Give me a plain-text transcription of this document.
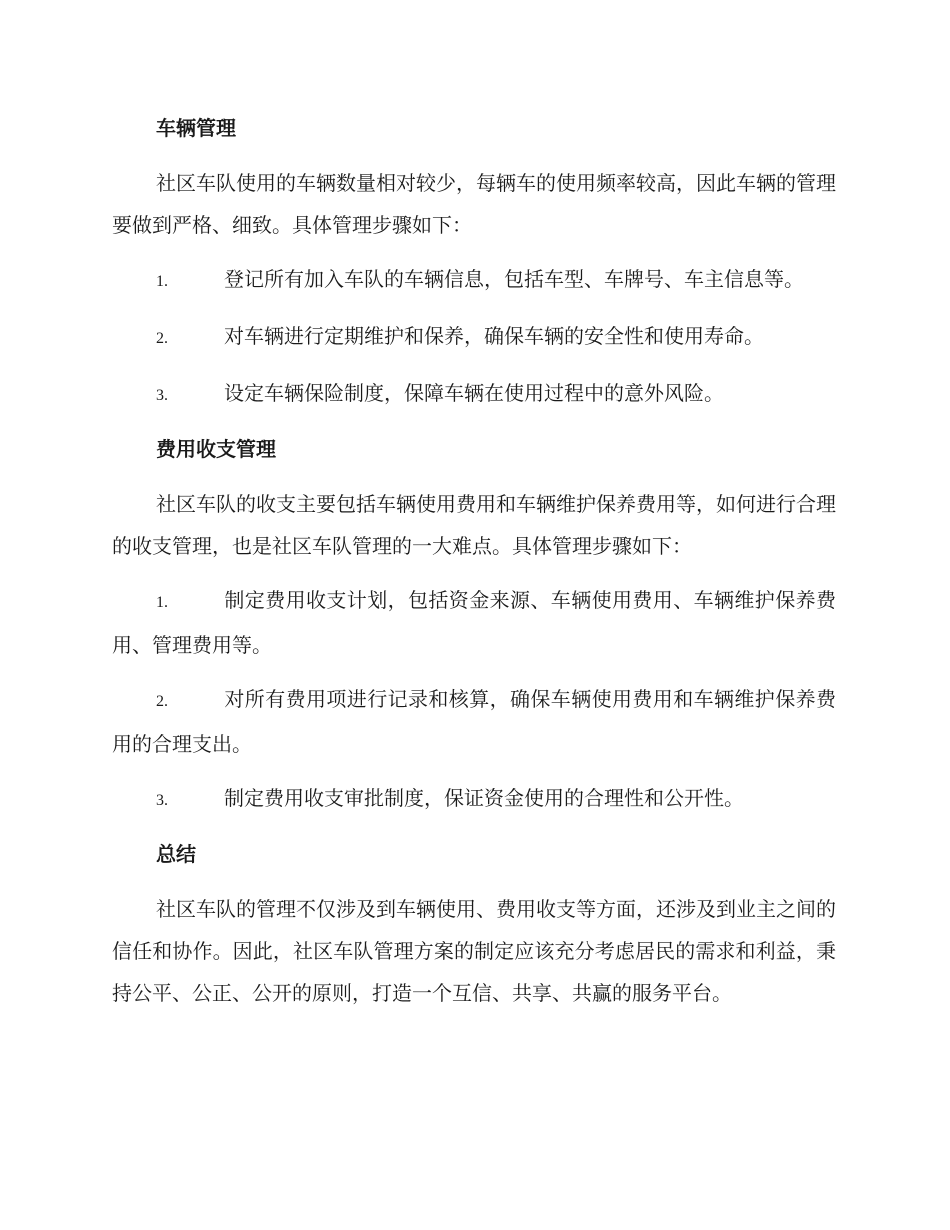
车辆管理

社区车队使用的车辆数量相对较少，每辆车的使用频率较高，因此车辆的管理要做到严格、细致。具体管理步骤如下：

1.	登记所有加入车队的车辆信息，包括车型、车牌号、车主信息等。

2.	对车辆进行定期维护和保养，确保车辆的安全性和使用寿命。

3.	设定车辆保险制度，保障车辆在使用过程中的意外风险。

费用收支管理

社区车队的收支主要包括车辆使用费用和车辆维护保养费用等，如何进行合理的收支管理，也是社区车队管理的一大难点。具体管理步骤如下：

1.	制定费用收支计划，包括资金来源、车辆使用费用、车辆维护保养费用、管理费用等。

2.	对所有费用项进行记录和核算，确保车辆使用费用和车辆维护保养费用的合理支出。

3.	制定费用收支审批制度，保证资金使用的合理性和公开性。

总结

社区车队的管理不仅涉及到车辆使用、费用收支等方面，还涉及到业主之间的信任和协作。因此，社区车队管理方案的制定应该充分考虑居民的需求和利益，秉持公平、公正、公开的原则，打造一个互信、共享、共赢的服务平台。
